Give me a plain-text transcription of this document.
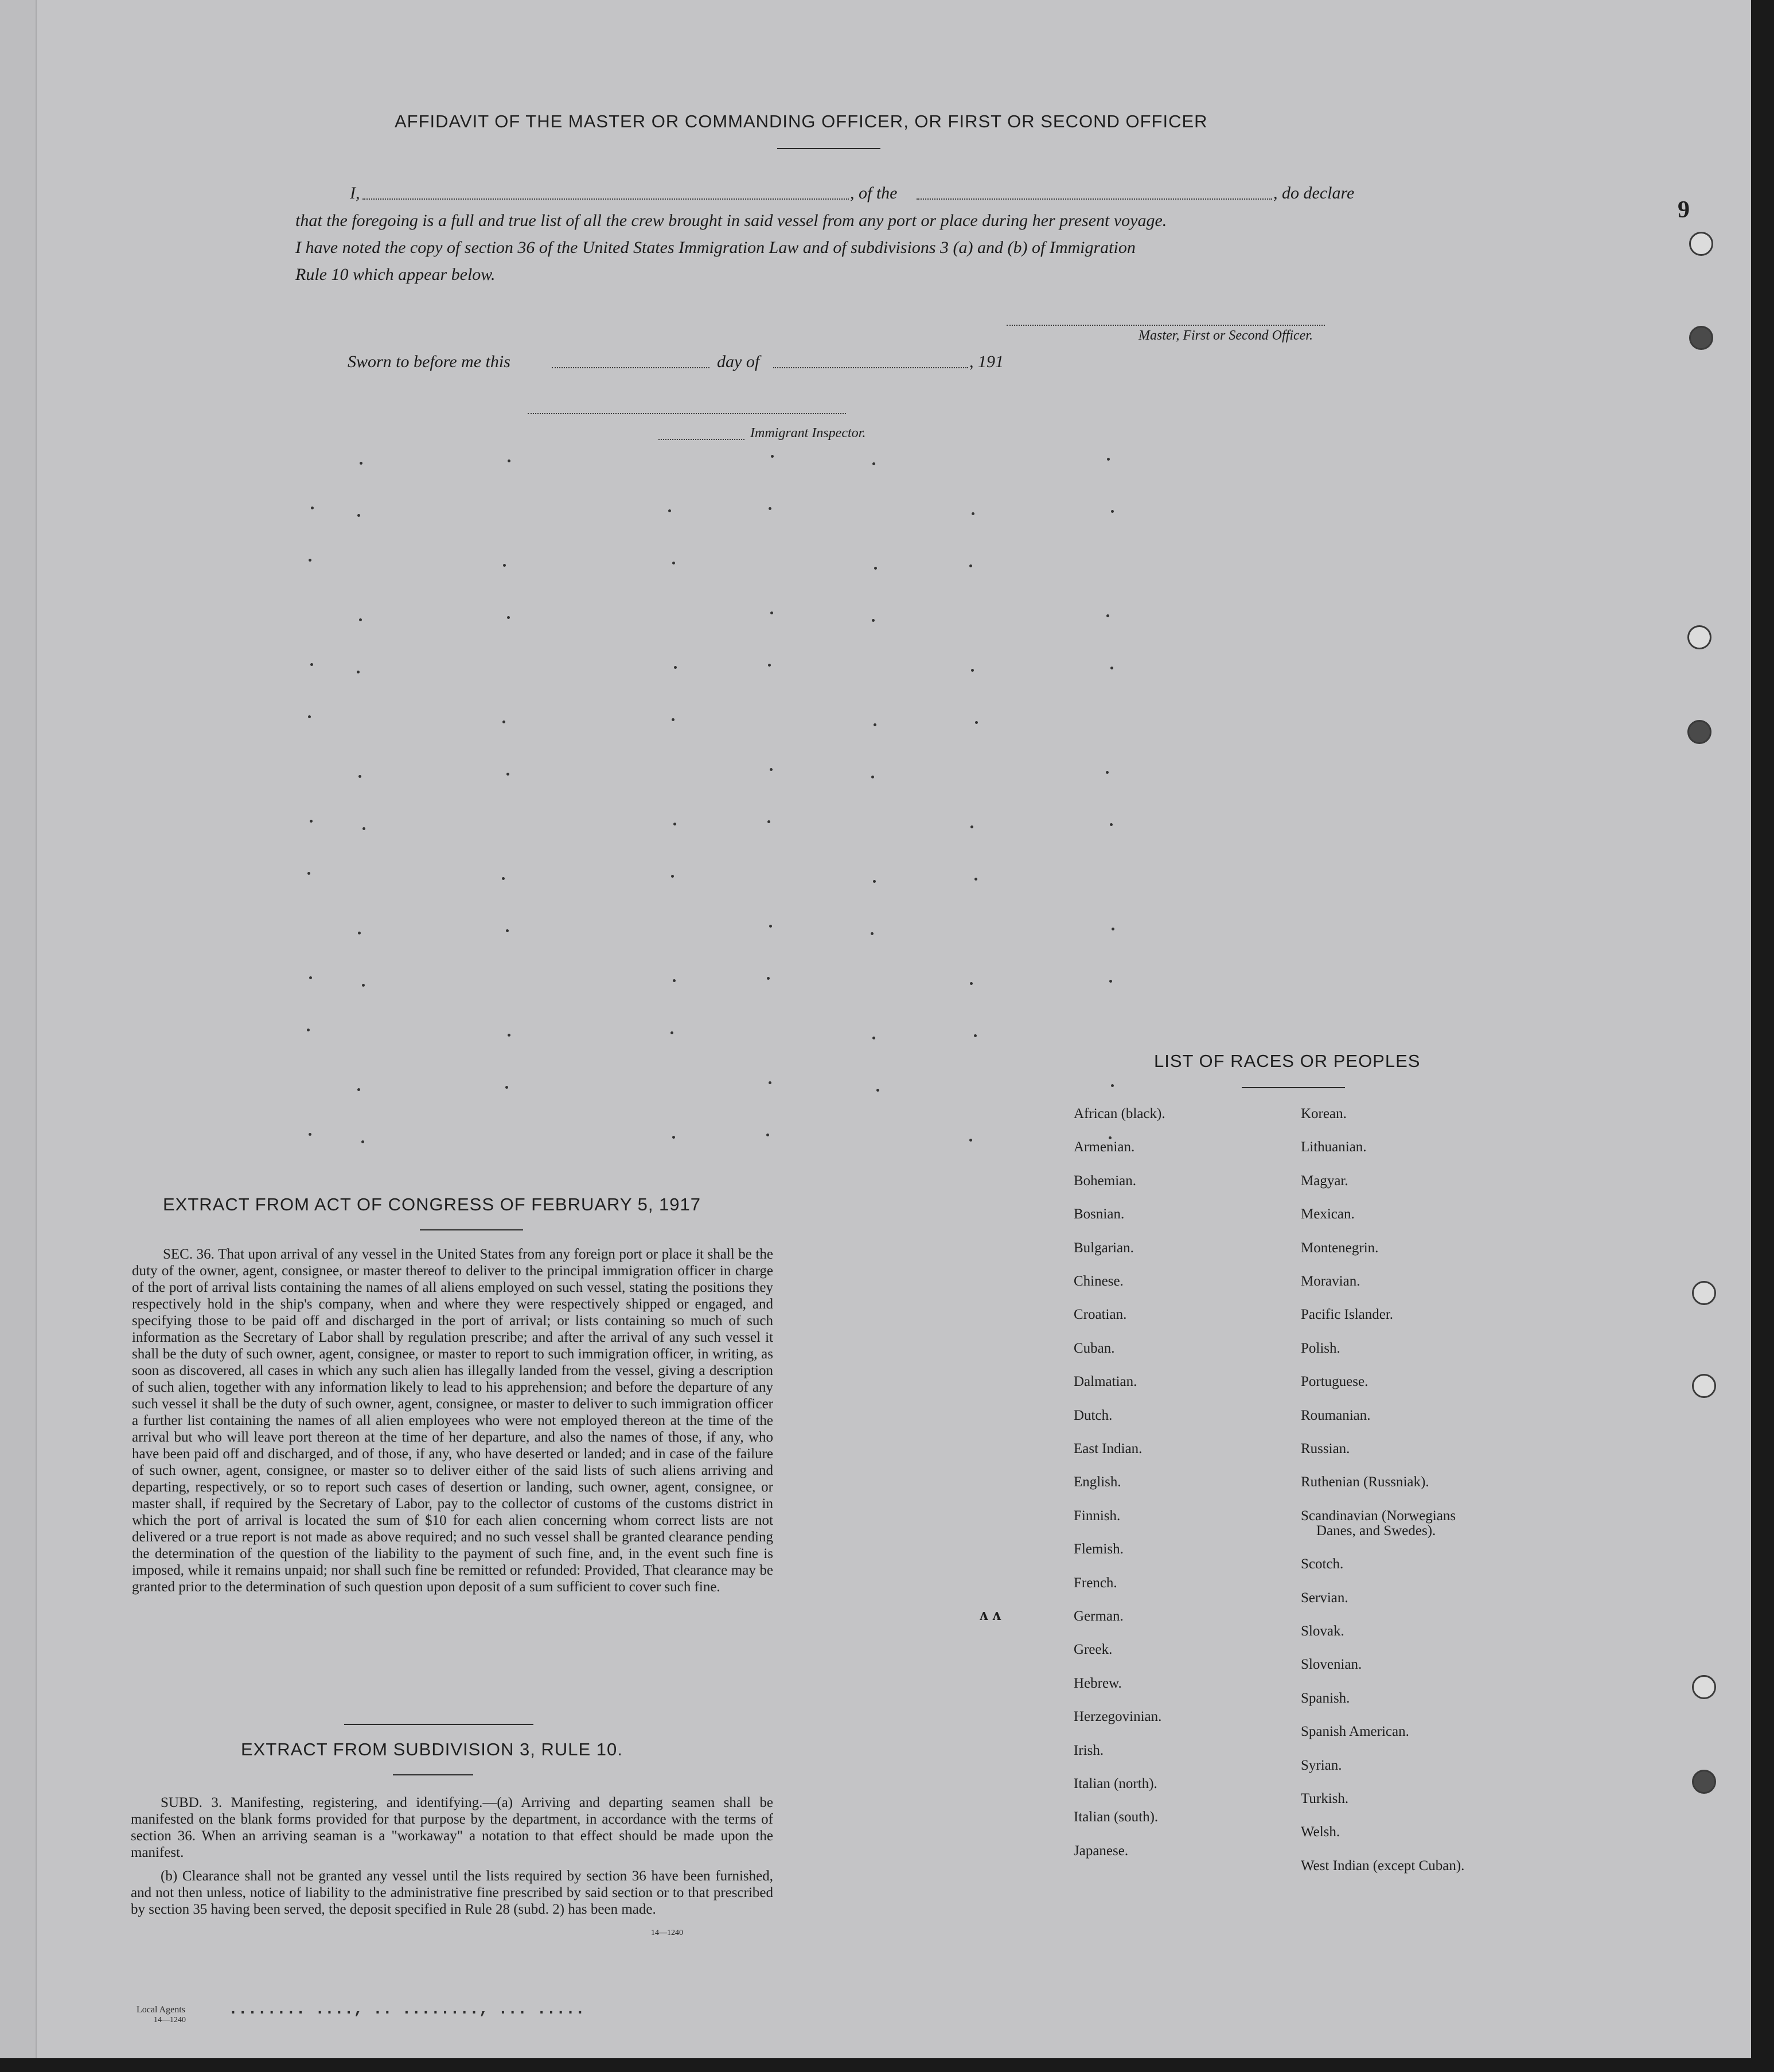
AFFIDAVIT OF THE MASTER OR COMMANDING OFFICER, OR FIRST OR SECOND OFFICER
I,	, of the	, do declare
that the foregoing is a full and true list of all the crew brought in said vessel from any port or place during her present voyage.
I have noted the copy of section 36 of the United States Immigration Law and of subdivisions 3 (a) and (b) of Immigration
Rule 10 which appear below.
Master, First or Second Officer.
Sworn to before me this	day of	, 191
Immigrant Inspector.
LIST OF RACES OR PEOPLES
African (black).
Armenian.
Bohemian.
Bosnian.
Bulgarian.
Chinese.
Croatian.
Cuban.
Dalmatian.
Dutch.
East Indian.
English.
Finnish.
Flemish.
French.
German.
Greek.
Hebrew.
Herzegovinian.
Irish.
Italian (north).
Italian (south).
Japanese.
Korean.
Lithuanian.
Magyar.
Mexican.
Montenegrin.
Moravian.
Pacific Islander.
Polish.
Portuguese.
Roumanian.
Russian.
Ruthenian (Russniak).
Scandinavian (Norwegians
Danes, and Swedes).
Scotch.
Servian.
Slovak.
Slovenian.
Spanish.
Spanish American.
Syrian.
Turkish.
Welsh.
West Indian (except Cuban).
EXTRACT FROM ACT OF CONGRESS OF FEBRUARY 5, 1917
SEC. 36. That upon arrival of any vessel in the United States from any foreign port or place it shall be the duty of the owner, agent, consignee, or master thereof to deliver to the principal immigration officer in charge of the port of arrival lists containing the names of all aliens employed on such vessel, stating the positions they respectively hold in the ship's company, when and where they were respectively shipped or engaged, and specifying those to be paid off and discharged in the port of arrival; or lists containing so much of such information as the Secretary of Labor shall by regulation prescribe; and after the arrival of any such vessel it shall be the duty of such owner, agent, consignee, or master to report to such immigration officer, in writing, as soon as discovered, all cases in which any such alien has illegally landed from the vessel, giving a description of such alien, together with any information likely to lead to his apprehension; and before the departure of any such vessel it shall be the duty of such owner, agent, consignee, or master to deliver to such immigration officer a further list containing the names of all alien employees who were not employed thereon at the time of the arrival but who will leave port thereon at the time of her departure, and also the names of those, if any, who have been paid off and discharged, and of those, if any, who have deserted or landed; and in case of the failure of such owner, agent, consignee, or master so to deliver either of the said lists of such aliens arriving and departing, respectively, or so to report such cases of desertion or landing, such owner, agent, consignee, or master shall, if required by the Secretary of Labor, pay to the collector of customs of the customs district in which the port of arrival is located the sum of $10 for each alien concerning whom correct lists are not delivered or a true report is not made as above required; and no such vessel shall be granted clearance pending the determination of the question of the liability to the payment of such fine, and, in the event such fine is imposed, while it remains unpaid; nor shall such fine be remitted or refunded: Provided, That clearance may be granted prior to the determination of such question upon deposit of a sum sufficient to cover such fine.
EXTRACT FROM SUBDIVISION 3, RULE 10.
SUBD. 3. Manifesting, registering, and identifying.—(a) Arriving and departing seamen shall be manifested on the blank forms provided for that purpose by the department, in accordance with the terms of section 36. When an arriving seaman is a "workaway" a notation to that effect should be made upon the manifest.
(b) Clearance shall not be granted any vessel until the lists required by section 36 have been furnished, and not then unless, notice of liability to the administrative fine prescribed by said section or to that prescribed by section 35 having been served, the deposit specified in Rule 28 (subd. 2) has been made.
14—1240
Local Agents
14—1240
........ ...., .. ........, ... .....
9
ʌ ʌ
